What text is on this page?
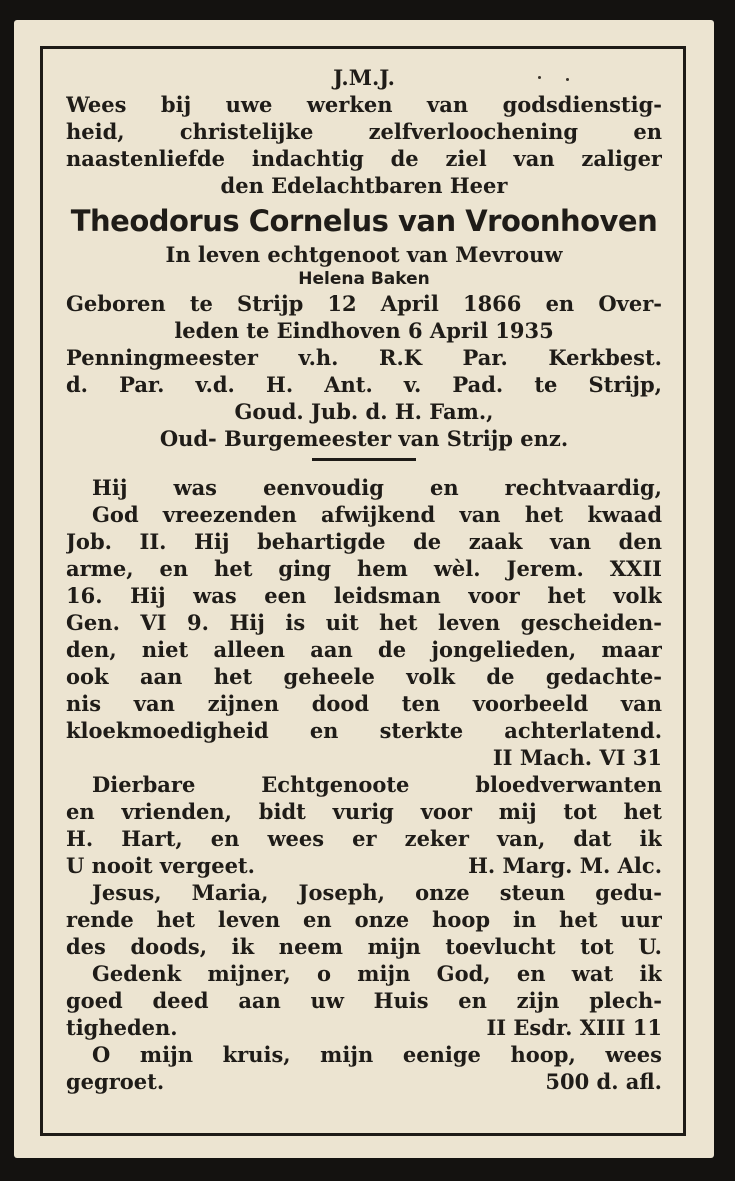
J.M.J.
Wees bij uwe werken van godsdienstig-
heid, christelijke zelfverloochening en
naastenliefde indachtig de ziel van zaliger
den Edelachtbaren Heer
Theodorus Cornelus van Vroonhoven
In leven echtgenoot van Mevrouw
Helena Baken
Geboren te Strijp 12 April 1866 en Over-
leden te Eindhoven 6 April 1935
Penningmeester v.h. R.K Par. Kerkbest.
d. Par. v.d. H. Ant. v. Pad. te Strijp,
Goud. Jub. d. H. Fam.,
Oud- Burgemeester van Strijp enz.
Hij was eenvoudig en rechtvaardig,
God vreezenden afwijkend van het kwaad
Job. II. Hij behartigde de zaak van den
arme, en het ging hem wèl. Jerem. XXII
16. Hij was een leidsman voor het volk
Gen. VI 9. Hij is uit het leven gescheiden-
den, niet alleen aan de jongelieden, maar
ook aan het geheele volk de gedachte-
nis van zijnen dood ten voorbeeld van
kloekmoedigheid en sterkte achterlatend.
II Mach. VI 31
Dierbare Echtgenoote bloedverwanten
en vrienden, bidt vurig voor mij tot het
H. Hart, en wees er zeker van, dat ik
U nooit vergeet.	H. Marg. M. Alc.
Jesus, Maria, Joseph, onze steun gedu-
rende het leven en onze hoop in het uur
des doods, ik neem mijn toevlucht tot U.
Gedenk mijner, o mijn God, en wat ik
goed deed aan uw Huis en zijn plech-
tigheden.	II Esdr. XIII 11
O mijn kruis, mijn eenige hoop, wees
gegroet.	500 d. afl.
